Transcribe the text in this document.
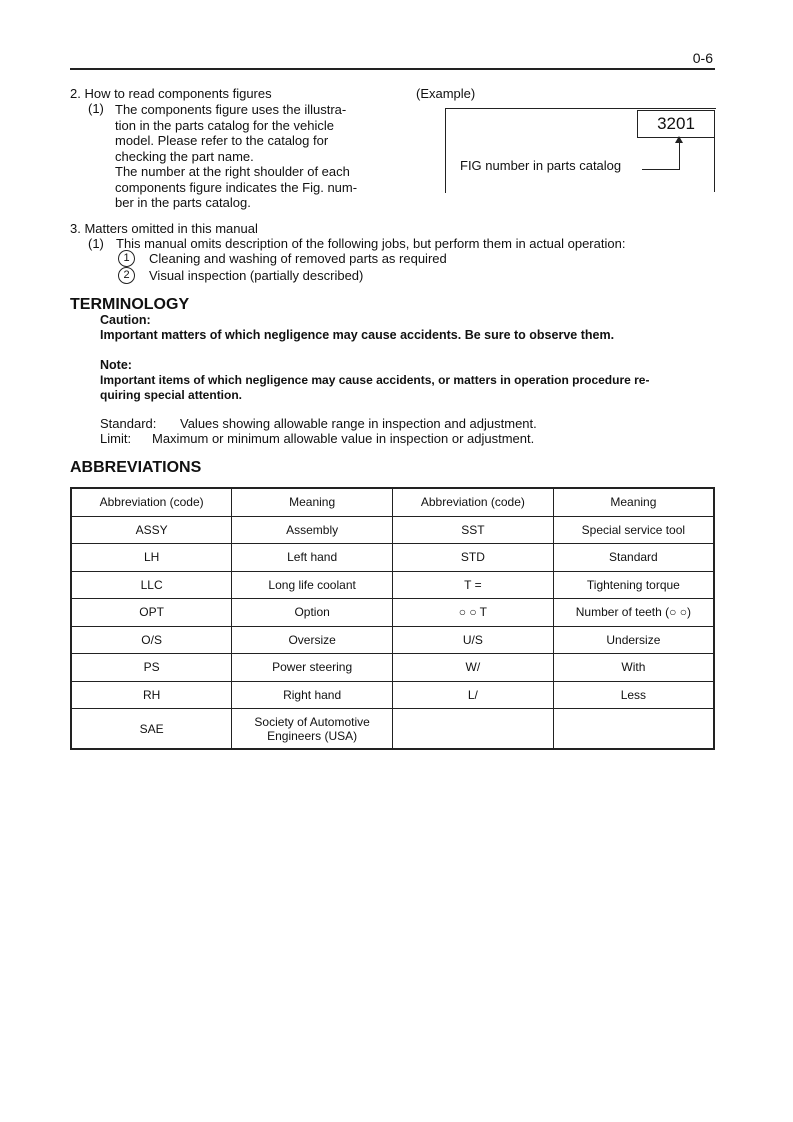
0-6
2. How to read components figures
(1) The components figure uses the illustra-
tion in the parts catalog for the vehicle
model. Please refer to the catalog for
checking the part name.
The number at the right shoulder of each
components figure indicates the Fig. num-
ber in the parts catalog.
(Example)
3201
FIG number in parts catalog
3. Matters omitted in this manual
(1) This manual omits description of the following jobs, but perform them in actual operation:
1	Cleaning and washing of removed parts as required
2	Visual inspection (partially described)
TERMINOLOGY
Caution:
Important matters of which negligence may cause accidents. Be sure to observe them.
Note:
Important items of which negligence may cause accidents, or matters in operation procedure re-
quiring special attention.
Standard: Values showing allowable range in inspection and adjustment.
Limit: Maximum or minimum allowable value in inspection or adjustment.
ABBREVIATIONS
Abbreviation (code)	Meaning	Abbreviation (code)	Meaning
ASSY	Assembly	SST	Special service tool
LH	Left hand	STD	Standard
LLC	Long life coolant	T =	Tightening torque
OPT	Option	○ ○ T	Number of teeth (○ ○)
O/S	Oversize	U/S	Undersize
PS	Power steering	W/	With
RH	Right hand	L/	Less
SAE	Society of Automotive
Engineers (USA)		
